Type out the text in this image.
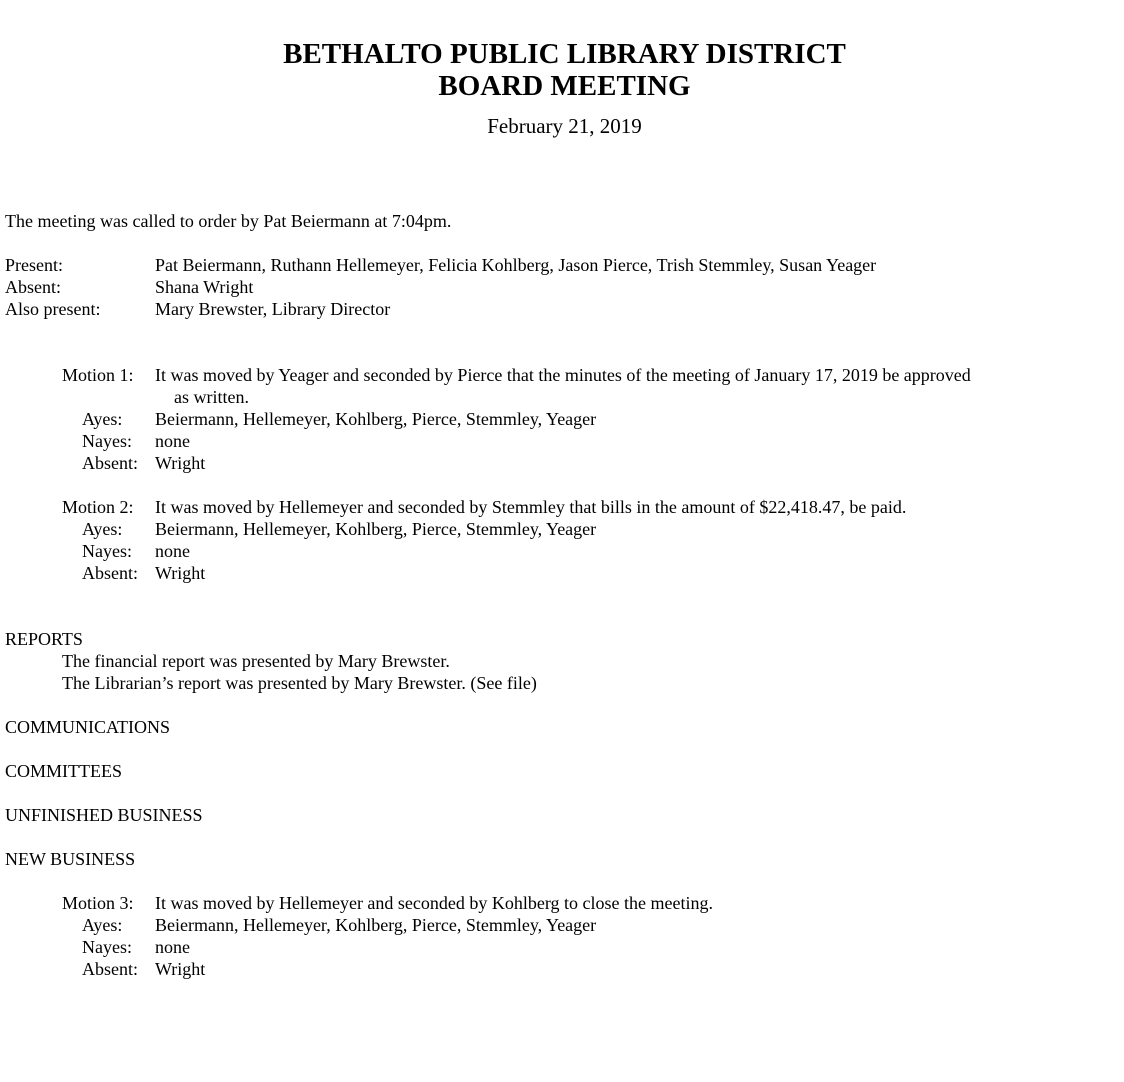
BETHALTO PUBLIC LIBRARY DISTRICT
BOARD MEETING
February 21, 2019

The meeting was called to order by Pat Beiermann at 7:04pm.

Present:	Pat Beiermann, Ruthann Hellemeyer, Felicia Kohlberg, Jason Pierce, Trish Stemmley, Susan Yeager
Absent:	Shana Wright
Also present:	Mary Brewster, Library Director
Motion 1:	It was moved by Yeager and seconded by Pierce that the minutes of the meeting of January 17, 2019 be approved
as written.
Ayes:	Beiermann, Hellemeyer, Kohlberg, Pierce, Stemmley, Yeager
Nayes:	none
Absent: Wright
Motion 2:	It was moved by Hellemeyer and seconded by Stemmley that bills in the amount of $22,418.47, be paid.
Ayes:	Beiermann, Hellemeyer, Kohlberg, Pierce, Stemmley, Yeager
Nayes:	none
Absent: Wright
REPORTS
The financial report was presented by Mary Brewster.
The Librarian’s report was presented by Mary Brewster. (See file)
COMMUNICATIONS
COMMITTEES
UNFINISHED BUSINESS
NEW BUSINESS
Motion 3:	It was moved by Hellemeyer and seconded by Kohlberg to close the meeting.
Ayes:	Beiermann, Hellemeyer, Kohlberg, Pierce, Stemmley, Yeager
Nayes:	none
Absent: Wright
